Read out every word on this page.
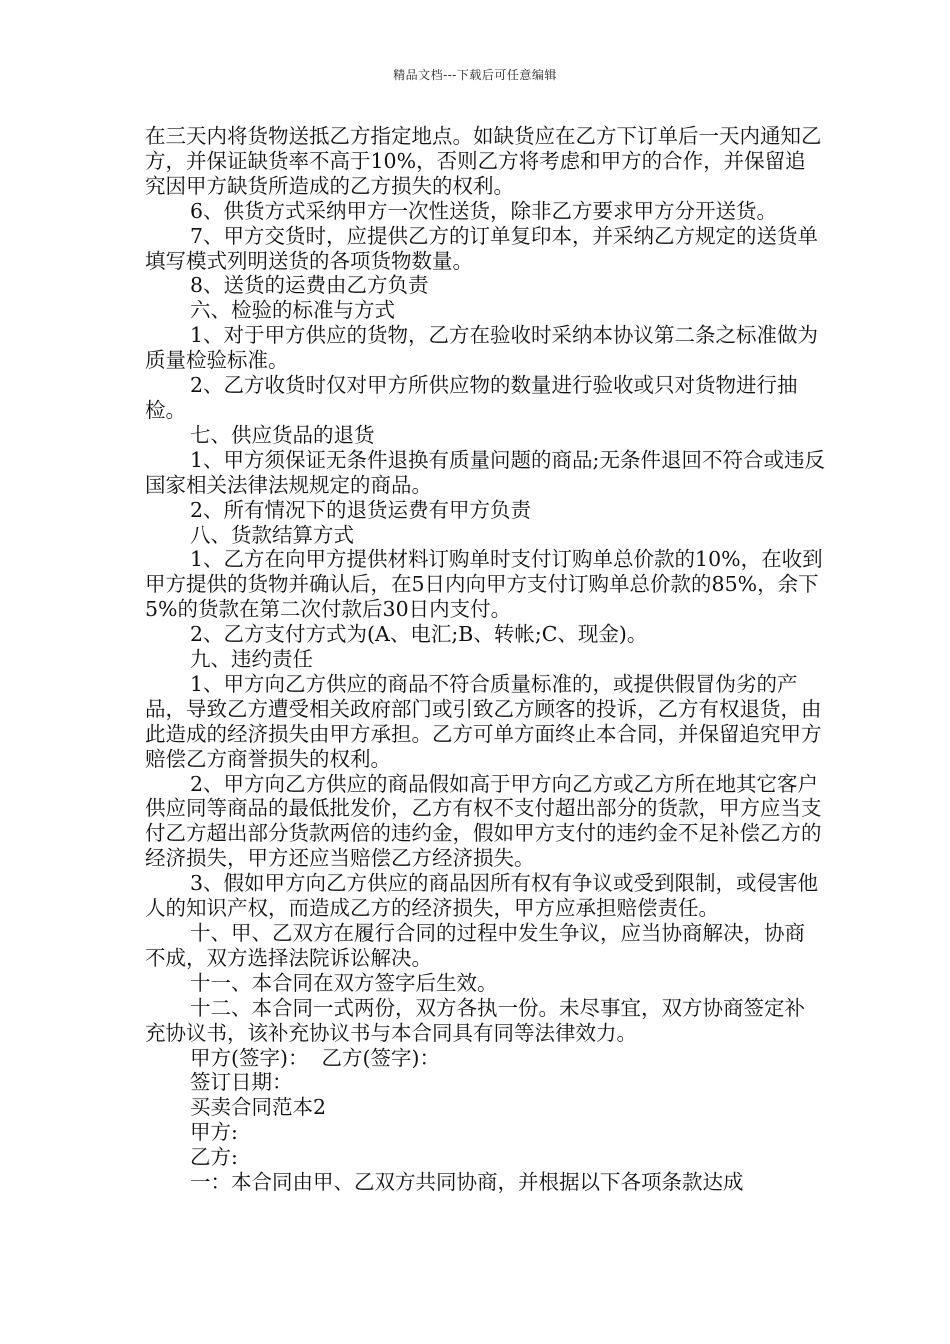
精品文档---下载后可任意编辑

在三天内将货物送抵乙方指定地点。如缺货应在乙方下订单后一天内通知乙方，并保证缺货率不高于10%，否则乙方将考虑和甲方的合作，并保留追究因甲方缺货所造成的乙方损失的权利。

6、供货方式采纳甲方一次性送货，除非乙方要求甲方分开送货。

7、甲方交货时，应提供乙方的订单复印本，并采纳乙方规定的送货单填写模式列明送货的各项货物数量。

8、送货的运费由乙方负责

六、检验的标准与方式

1、对于甲方供应的货物，乙方在验收时采纳本协议第二条之标准做为质量检验标准。

2、乙方收货时仅对甲方所供应物的数量进行验收或只对货物进行抽检。

七、供应货品的退货

1、甲方须保证无条件退换有质量问题的商品;无条件退回不符合或违反国家相关法律法规规定的商品。

2、所有情况下的退货运费有甲方负责

八、货款结算方式

1、乙方在向甲方提供材料订购单时支付订购单总价款的10%，在收到甲方提供的货物并确认后，在5日内向甲方支付订购单总价款的85%，余下5%的货款在第二次付款后30日内支付。

2、乙方支付方式为(A、电汇;B、转帐;C、现金)。

九、违约责任

1、甲方向乙方供应的商品不符合质量标准的，或提供假冒伪劣的产品，导致乙方遭受相关政府部门或引致乙方顾客的投诉，乙方有权退货，由此造成的经济损失由甲方承担。乙方可单方面终止本合同，并保留追究甲方赔偿乙方商誉损失的权利。

2、甲方向乙方供应的商品假如高于甲方向乙方或乙方所在地其它客户供应同等商品的最低批发价，乙方有权不支付超出部分的货款，甲方应当支付乙方超出部分货款两倍的违约金，假如甲方支付的违约金不足补偿乙方的经济损失，甲方还应当赔偿乙方经济损失。

3、假如甲方向乙方供应的商品因所有权有争议或受到限制，或侵害他人的知识产权，而造成乙方的经济损失，甲方应承担赔偿责任。

十、甲、乙双方在履行合同的过程中发生争议，应当协商解决，协商不成，双方选择法院诉讼解决。

十一、本合同在双方签字后生效。

十二、本合同一式两份，双方各执一份。未尽事宜，双方协商签定补充协议书，该补充协议书与本合同具有同等法律效力。

甲方(签字)：  乙方(签字)：

签订日期：

买卖合同范本2

甲方:

乙方:

一：本合同由甲、乙双方共同协商，并根据以下各项条款达成
